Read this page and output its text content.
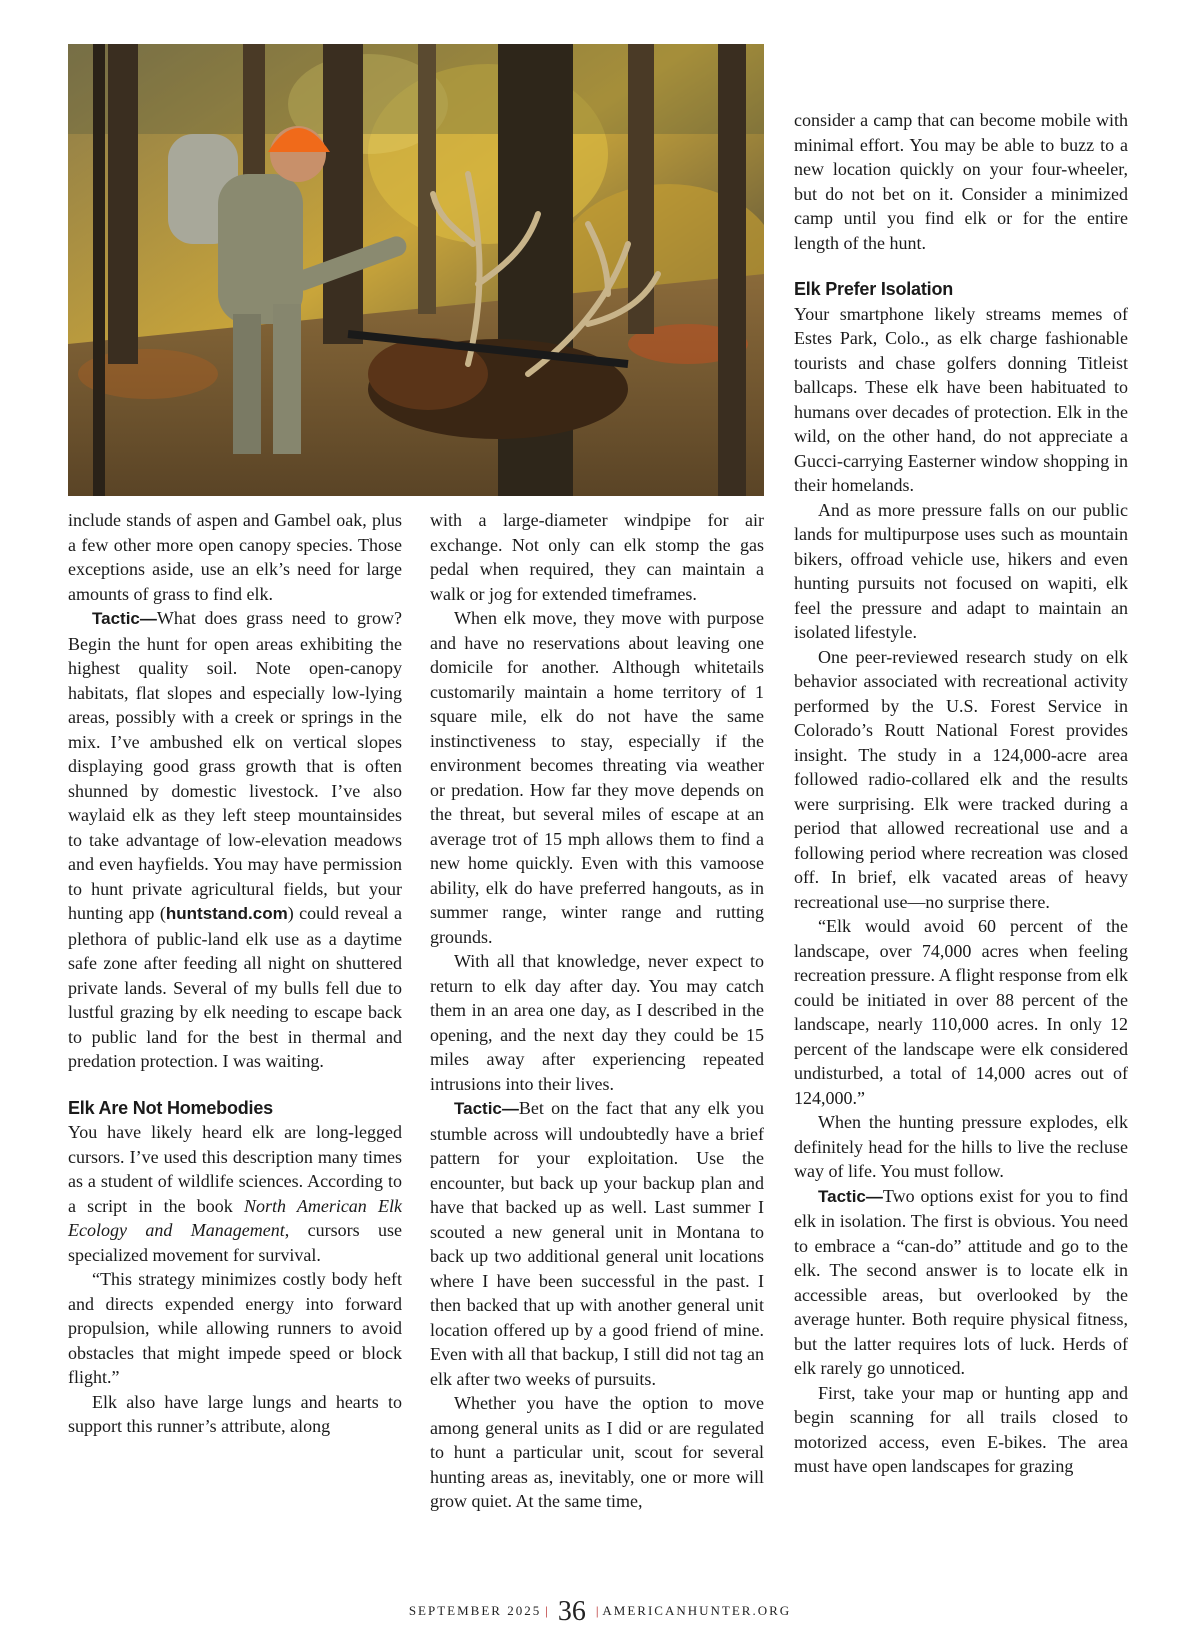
include stands of aspen and Gambel oak, plus a few other more open canopy species. Those exceptions aside, use an elk’s need for large amounts of grass to find elk.

Tactic—What does grass need to grow? Begin the hunt for open areas exhibiting the highest quality soil. Note open-canopy habitats, flat slopes and especially low-lying areas, possibly with a creek or springs in the mix. I’ve ambushed elk on vertical slopes displaying good grass growth that is often shunned by domestic livestock. I’ve also waylaid elk as they left steep mountainsides to take advantage of low-elevation meadows and even hayfields. You may have permission to hunt private agricultural fields, but your hunting app (huntstand.com) could reveal a plethora of public-land elk use as a daytime safe zone after feeding all night on shuttered private lands. Several of my bulls fell due to lustful grazing by elk needing to escape back to public land for the best in thermal and predation protection. I was waiting.

Elk Are Not Homebodies

You have likely heard elk are long-legged cursors. I’ve used this description many times as a student of wildlife sciences. According to a script in the book North American Elk Ecology and Management, cursors use specialized movement for survival.

“This strategy minimizes costly body heft and directs expended energy into forward propulsion, while allowing runners to avoid obstacles that might impede speed or block flight.”

Elk also have large lungs and hearts to support this runner’s attribute, along

with a large-diameter windpipe for air exchange. Not only can elk stomp the gas pedal when required, they can maintain a walk or jog for extended timeframes.

When elk move, they move with purpose and have no reservations about leaving one domicile for another. Although whitetails customarily maintain a home territory of 1 square mile, elk do not have the same instinctiveness to stay, especially if the environment becomes threating via weather or predation. How far they move depends on the threat, but several miles of escape at an average trot of 15 mph allows them to find a new home quickly. Even with this vamoose ability, elk do have preferred hangouts, as in summer range, winter range and rutting grounds.

With all that knowledge, never expect to return to elk day after day. You may catch them in an area one day, as I described in the opening, and the next day they could be 15 miles away after experiencing repeated intrusions into their lives.

Tactic—Bet on the fact that any elk you stumble across will undoubtedly have a brief pattern for your exploitation. Use the encounter, but back up your backup plan and have that backed up as well. Last summer I scouted a new general unit in Montana to back up two additional general unit locations where I have been successful in the past. I then backed that up with another general unit location offered up by a good friend of mine. Even with all that backup, I still did not tag an elk after two weeks of pursuits.

Whether you have the option to move among general units as I did or are regulated to hunt a particular unit, scout for several hunting areas as, inevitably, one or more will grow quiet. At the same time,

consider a camp that can become mobile with minimal effort. You may be able to buzz to a new location quickly on your four-wheeler, but do not bet on it. Consider a minimized camp until you find elk or for the entire length of the hunt.

Elk Prefer Isolation

Your smartphone likely streams memes of Estes Park, Colo., as elk charge fashionable tourists and chase golfers donning Titleist ballcaps. These elk have been habituated to humans over decades of protection. Elk in the wild, on the other hand, do not appreciate a Gucci-carrying Easterner window shopping in their homelands.

And as more pressure falls on our public lands for multipurpose uses such as mountain bikers, offroad vehicle use, hikers and even hunting pursuits not focused on wapiti, elk feel the pressure and adapt to maintain an isolated lifestyle.

One peer-reviewed research study on elk behavior associated with recreational activity performed by the U.S. Forest Service in Colorado’s Routt National Forest provides insight. The study in a 124,000-acre area followed radio-collared elk and the results were surprising. Elk were tracked during a period that allowed recreational use and a following period where recreation was closed off. In brief, elk vacated areas of heavy recreational use—no surprise there.

“Elk would avoid 60 percent of the landscape, over 74,000 acres when feeling recreation pressure. A flight response from elk could be initiated in over 88 percent of the landscape, nearly 110,000 acres. In only 12 percent of the landscape were elk considered undisturbed, a total of 14,000 acres out of 124,000.”

When the hunting pressure explodes, elk definitely head for the hills to live the recluse way of life. You must follow.

Tactic—Two options exist for you to find elk in isolation. The first is obvious. You need to embrace a “can-do” attitude and go to the elk. The second answer is to locate elk in accessible areas, but overlooked by the average hunter. Both require physical fitness, but the latter requires lots of luck. Herds of elk rarely go unnoticed.

First, take your map or hunting app and begin scanning for all trails closed to motorized access, even E-bikes. The area must have open landscapes for grazing

SEPTEMBER 2025 | 36 | AMERICANHUNTER.ORG
